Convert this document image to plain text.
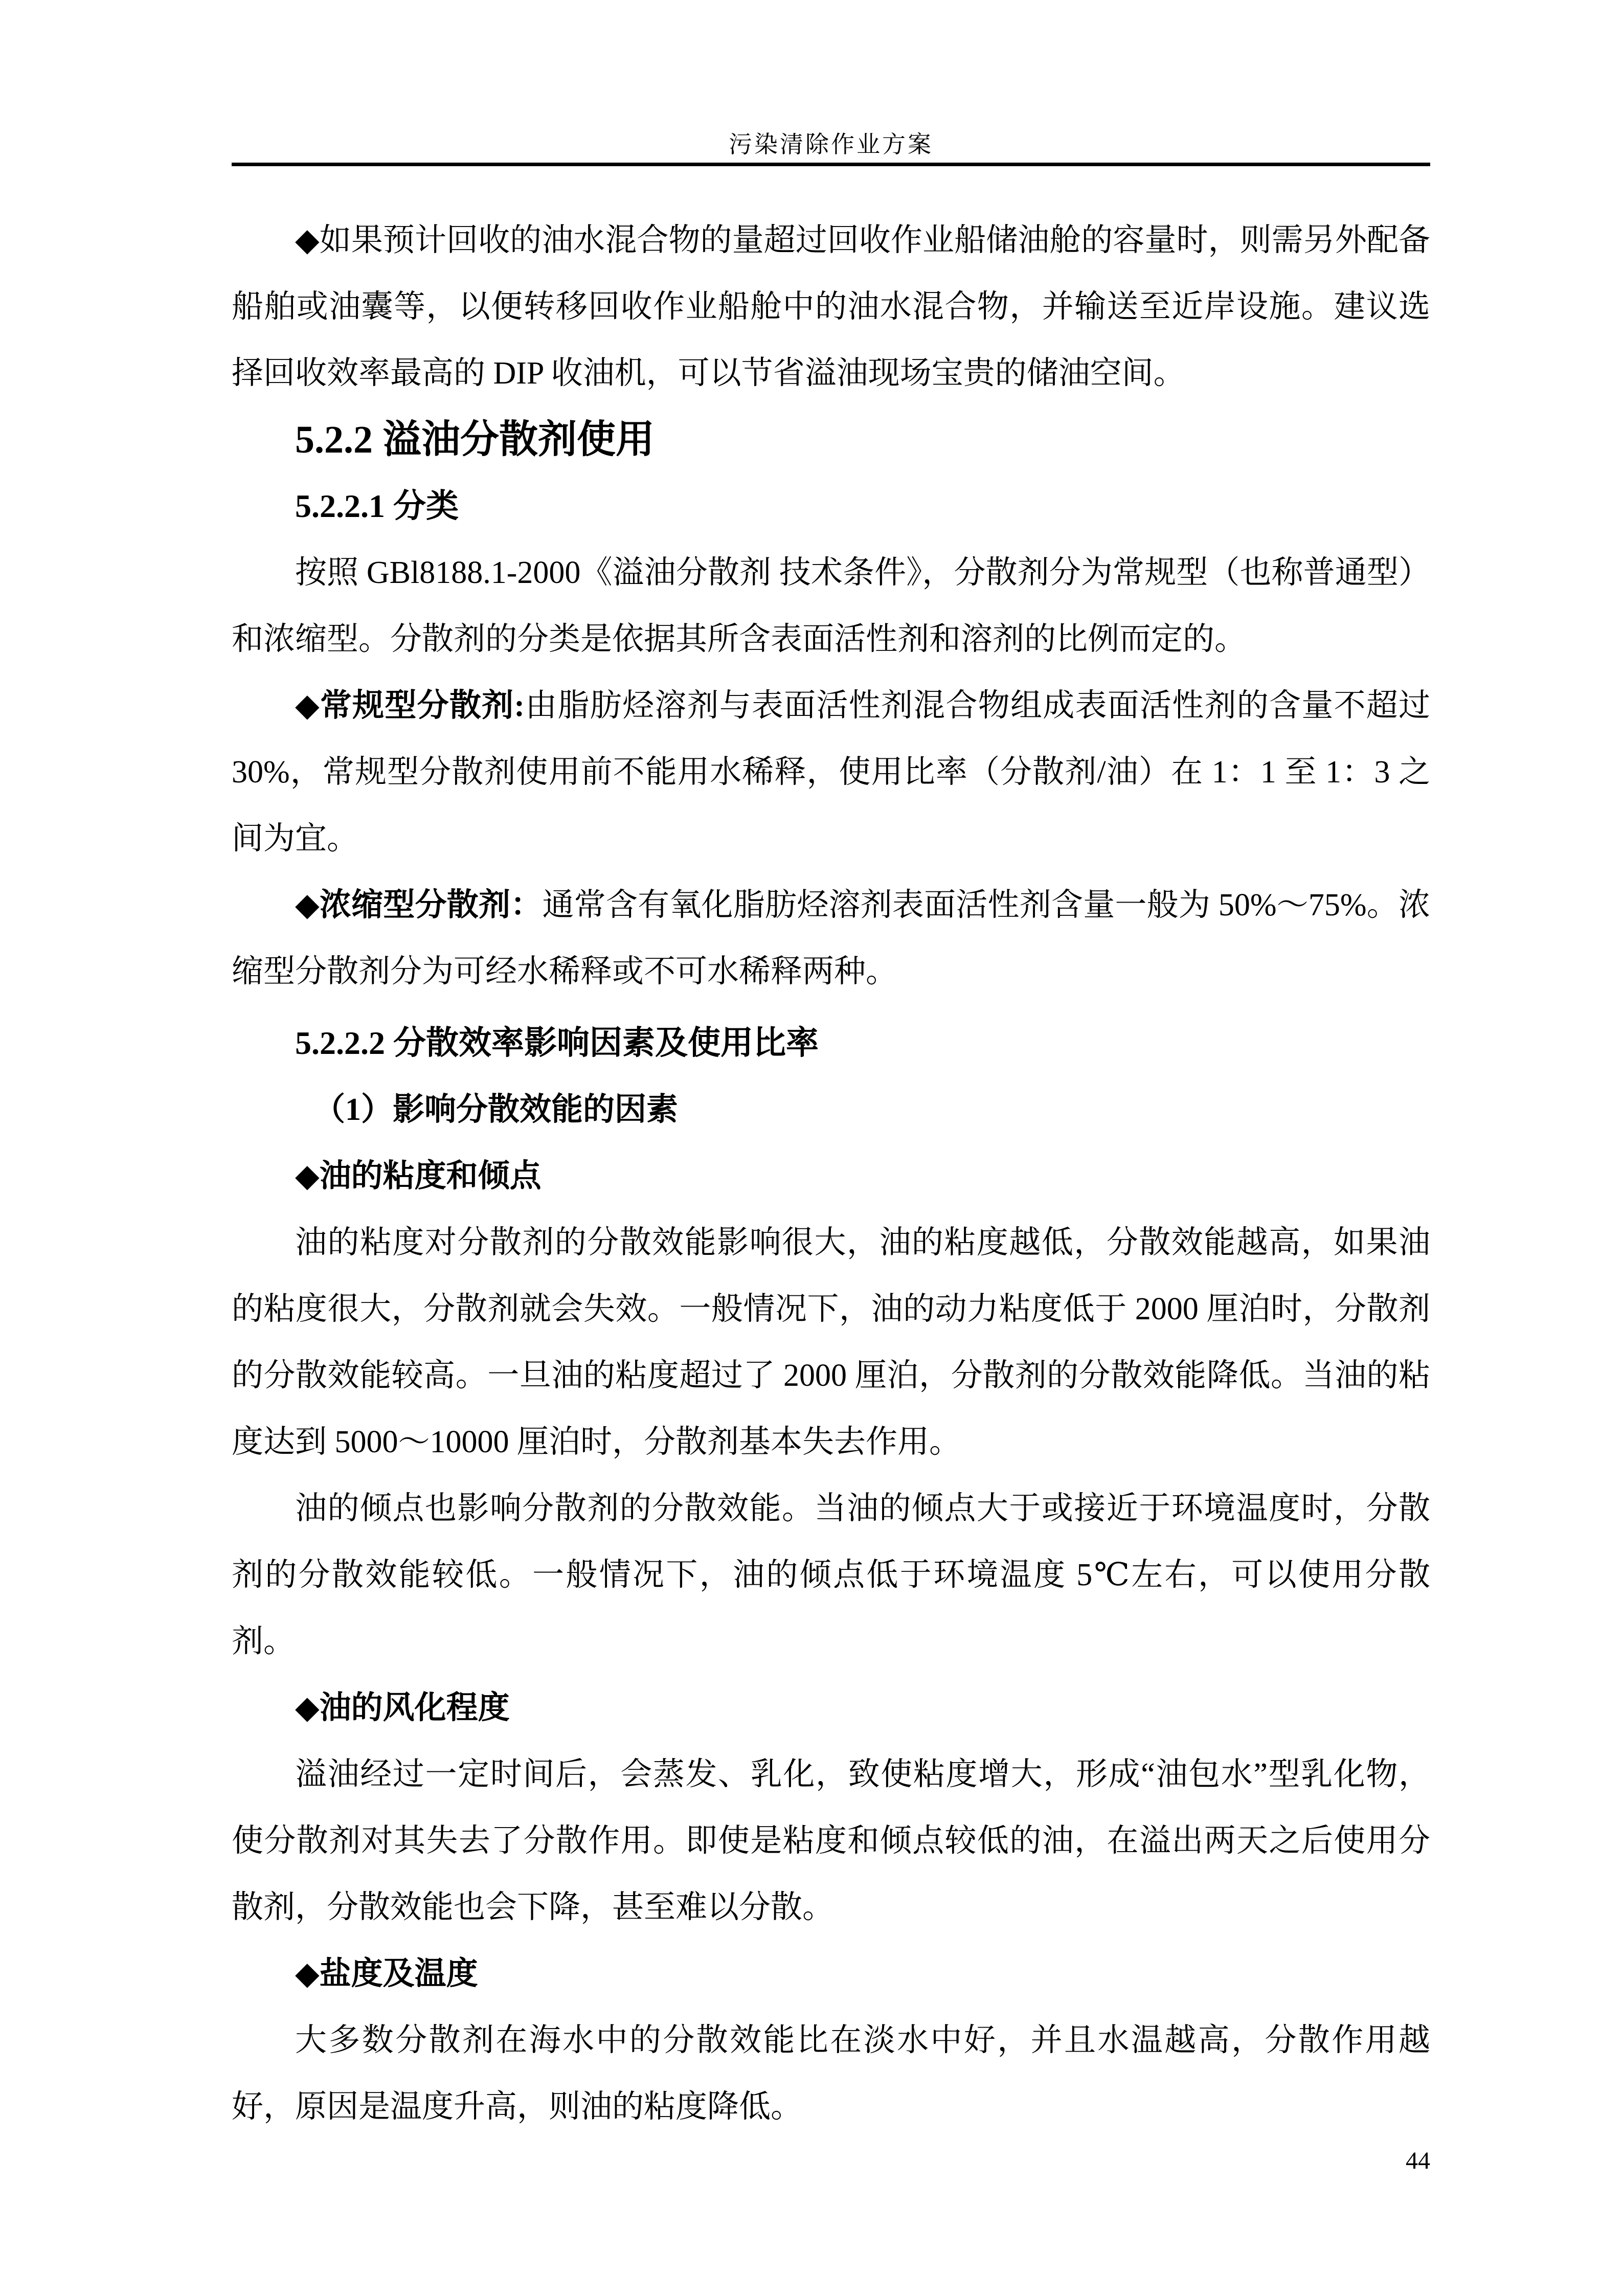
污染清除作业方案

◆如果预计回收的油水混合物的量超过回收作业船储油舱的容量时，则需另外配备船舶或油囊等，以便转移回收作业船舱中的油水混合物，并输送至近岸设施。建议选择回收效率最高的 DIP 收油机，可以节省溢油现场宝贵的储油空间。

5.2.2 溢油分散剂使用

5.2.2.1 分类

按照 GBl8188.1-2000《溢油分散剂 技术条件》，分散剂分为常规型（也称普通型）和浓缩型。分散剂的分类是依据其所含表面活性剂和溶剂的比例而定的。

◆常规型分散剂:由脂肪烃溶剂与表面活性剂混合物组成表面活性剂的含量不超过 30%，常规型分散剂使用前不能用水稀释，使用比率（分散剂/油）在 1：1 至 1：3 之间为宜。

◆浓缩型分散剂：通常含有氧化脂肪烃溶剂表面活性剂含量一般为 50%～75%。浓缩型分散剂分为可经水稀释或不可水稀释两种。

5.2.2.2 分散效率影响因素及使用比率

（1）影响分散效能的因素

◆油的粘度和倾点

油的粘度对分散剂的分散效能影响很大，油的粘度越低，分散效能越高，如果油的粘度很大，分散剂就会失效。一般情况下，油的动力粘度低于 2000 厘泊时，分散剂的分散效能较高。一旦油的粘度超过了 2000 厘泊，分散剂的分散效能降低。当油的粘度达到 5000～10000 厘泊时，分散剂基本失去作用。

油的倾点也影响分散剂的分散效能。当油的倾点大于或接近于环境温度时，分散剂的分散效能较低。一般情况下，油的倾点低于环境温度 5℃左右，可以使用分散剂。

◆油的风化程度

溢油经过一定时间后，会蒸发、乳化，致使粘度增大，形成“油包水”型乳化物，使分散剂对其失去了分散作用。即使是粘度和倾点较低的油，在溢出两天之后使用分散剂，分散效能也会下降，甚至难以分散。

◆盐度及温度

大多数分散剂在海水中的分散效能比在淡水中好，并且水温越高，分散作用越好，原因是温度升高，则油的粘度降低。

44
